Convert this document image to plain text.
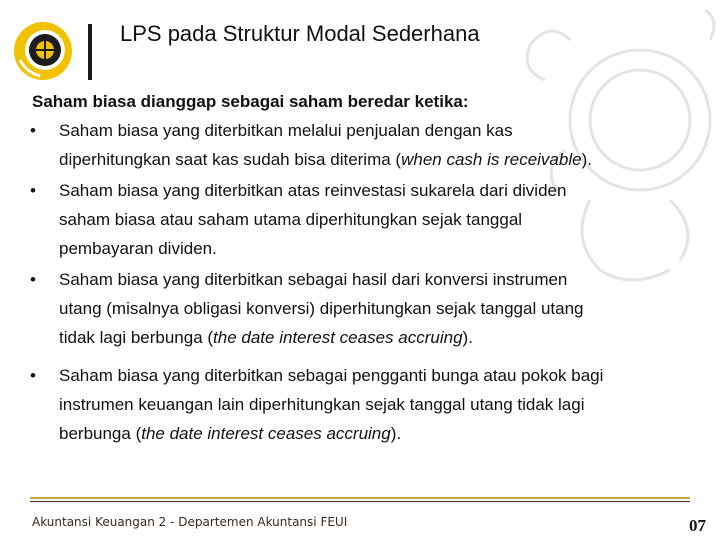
LPS pada Struktur Modal Sederhana

Saham biasa dianggap sebagai saham beredar ketika:

• Saham biasa yang diterbitkan melalui penjualan dengan kas
diperhitungkan saat kas sudah bisa diterima (when cash is receivable).
• Saham biasa yang diterbitkan atas reinvestasi sukarela dari dividen
saham biasa atau saham utama diperhitungkan sejak tanggal
pembayaran dividen.
• Saham biasa yang diterbitkan sebagai hasil dari konversi instrumen
utang (misalnya obligasi konversi) diperhitungkan sejak tanggal utang
tidak lagi berbunga (the date interest ceases accruing).
• Saham biasa yang diterbitkan sebagai pengganti bunga atau pokok bagi
instrumen keuangan lain diperhitungkan sejak tanggal utang tidak lagi
berbunga (the date interest ceases accruing).
Akuntansi Keuangan 2 - Departemen Akuntansi FEUI	07
